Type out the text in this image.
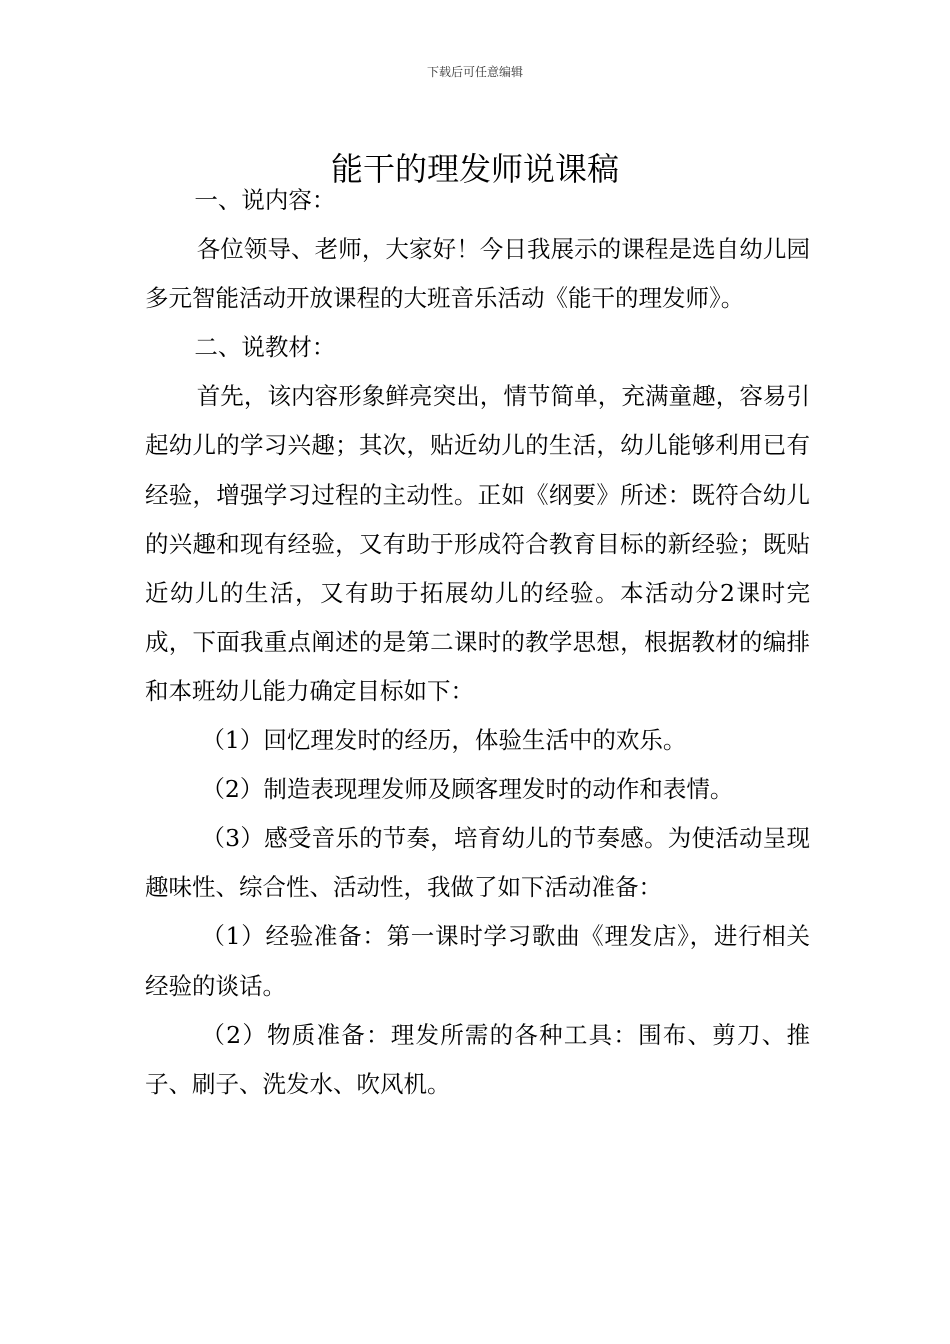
下载后可任意编辑
能干的理发师说课稿

一、说内容：

各位领导、老师，大家好！今日我展示的课程是选自幼儿园多元智能活动开放课程的大班音乐活动《能干的理发师》。

二、说教材：

首先，该内容形象鲜亮突出，情节简单，充满童趣，容易引起幼儿的学习兴趣；其次，贴近幼儿的生活，幼儿能够利用已有经验，增强学习过程的主动性。正如《纲要》所述：既符合幼儿的兴趣和现有经验，又有助于形成符合教育目标的新经验；既贴近幼儿的生活，又有助于拓展幼儿的经验。本活动分2课时完成，下面我重点阐述的是第二课时的教学思想，根据教材的编排和本班幼儿能力确定目标如下：

（1）回忆理发时的经历，体验生活中的欢乐。

（2）制造表现理发师及顾客理发时的动作和表情。

（3）感受音乐的节奏，培育幼儿的节奏感。为使活动呈现趣味性、综合性、活动性，我做了如下活动准备：

（1）经验准备：第一课时学习歌曲《理发店》，进行相关经验的谈话。

（2）物质准备：理发所需的各种工具：围布、剪刀、推子、刷子、洗发水、吹风机。
